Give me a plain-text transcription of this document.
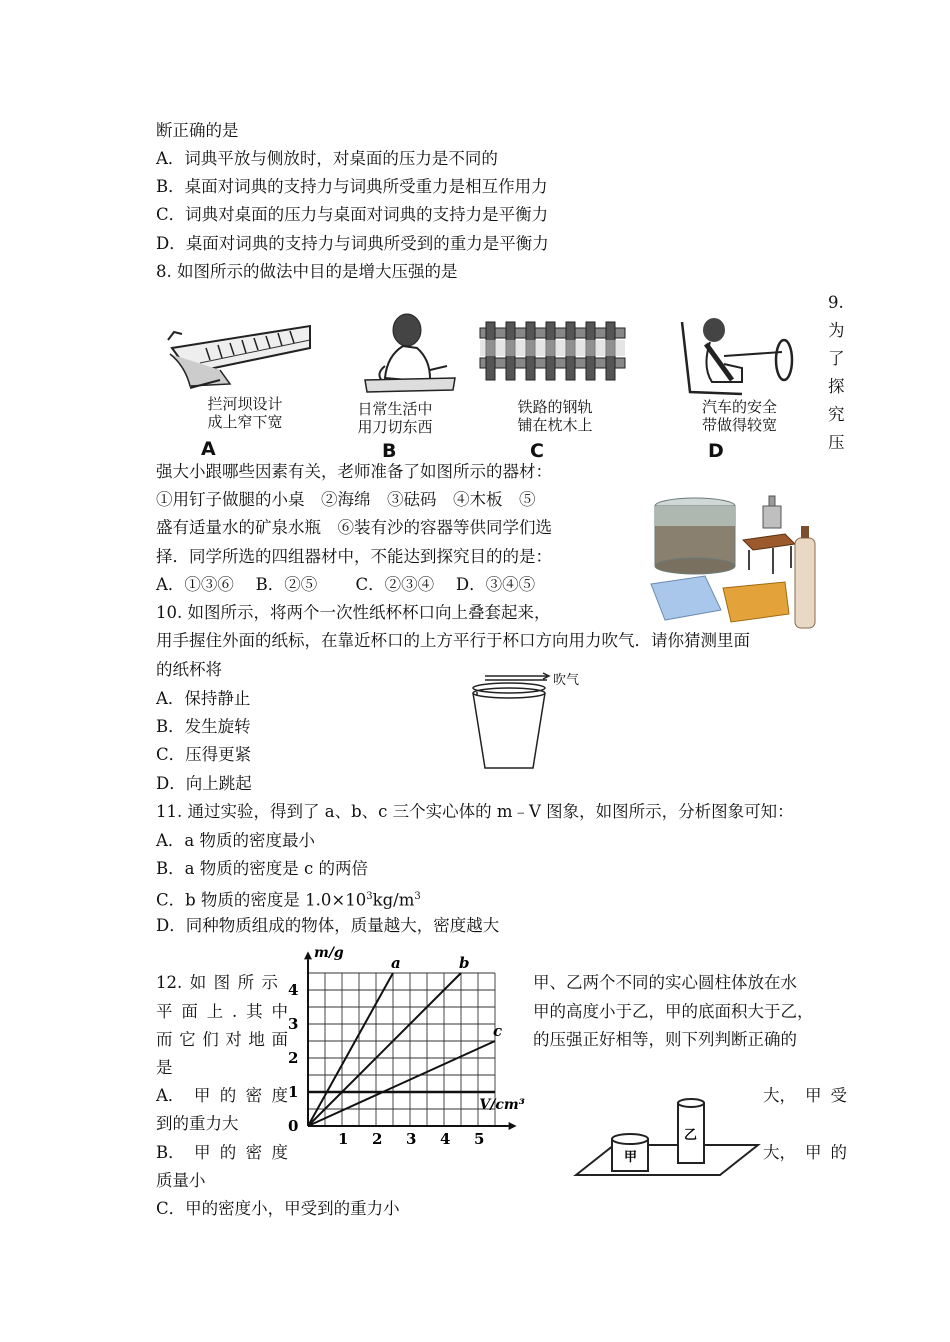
断正确的是
A．词典平放与侧放时，对桌面的压力是不同的
B．桌面对词典的支持力与词典所受重力是相互作用力
C．词典对桌面的压力与桌面对词典的支持力是平衡力
D．桌面对词典的支持力与词典所受到的重力是平衡力
8. 如图所示的做法中目的是增大压强的是
拦河坝设计
成上窄下宽
A
日常生活中
用刀切东西
B
铁路的钢轨
铺在枕木上
C
汽车的安全
带做得较宽
D
9.
为
了
探
究
压
强大小跟哪些因素有关，老师准备了如图所示的器材：
①用钉子做腿的小桌　②海绵　③砝码　④木板　⑤
盛有适量水的矿泉水瓶　⑥装有沙的容器等供同学们选
择．同学所选的四组器材中，不能达到探究目的的是：
A．①③⑥　 B．②⑤　　 C．②③④　 D．③④⑤
10. 如图所示，将两个一次性纸杯杯口向上叠套起来，
用手握住外面的纸标，在靠近杯口的上方平行于杯口方向用力吹气．请你猜测里面
的纸杯将
A．保持静止
B．发生旋转
C．压得更紧
D．向上跳起
吹气
11. 通过实验，得到了 a、b、c 三个实心体的 m﹣V 图象，如图所示，分析图象可知：
A．a 物质的密度最小
B．a 物质的密度是 c 的两倍
C．b 物质的密度是 $1.0\times 10^3kg/m^3$
D．同种物质组成的物体，质量越大，密度越大
a	b
c
1 2 3 4 5
0
1
2
3
4
m/g
V/cm³
12. 如 图 所 示	甲、乙两个不同的实心圆柱体放在水
平 面 上 . 其 中	甲的高度小于乙，甲的底面积大于乙，
而 它 们 对 地 面	的压强正好相等，则下列判断正确的
是
A． 甲 的 密 度	大， 甲 受
到的重力大
B． 甲 的 密 度	大， 甲 的
质量小
C．甲的密度小，甲受到的重力小
甲
乙
